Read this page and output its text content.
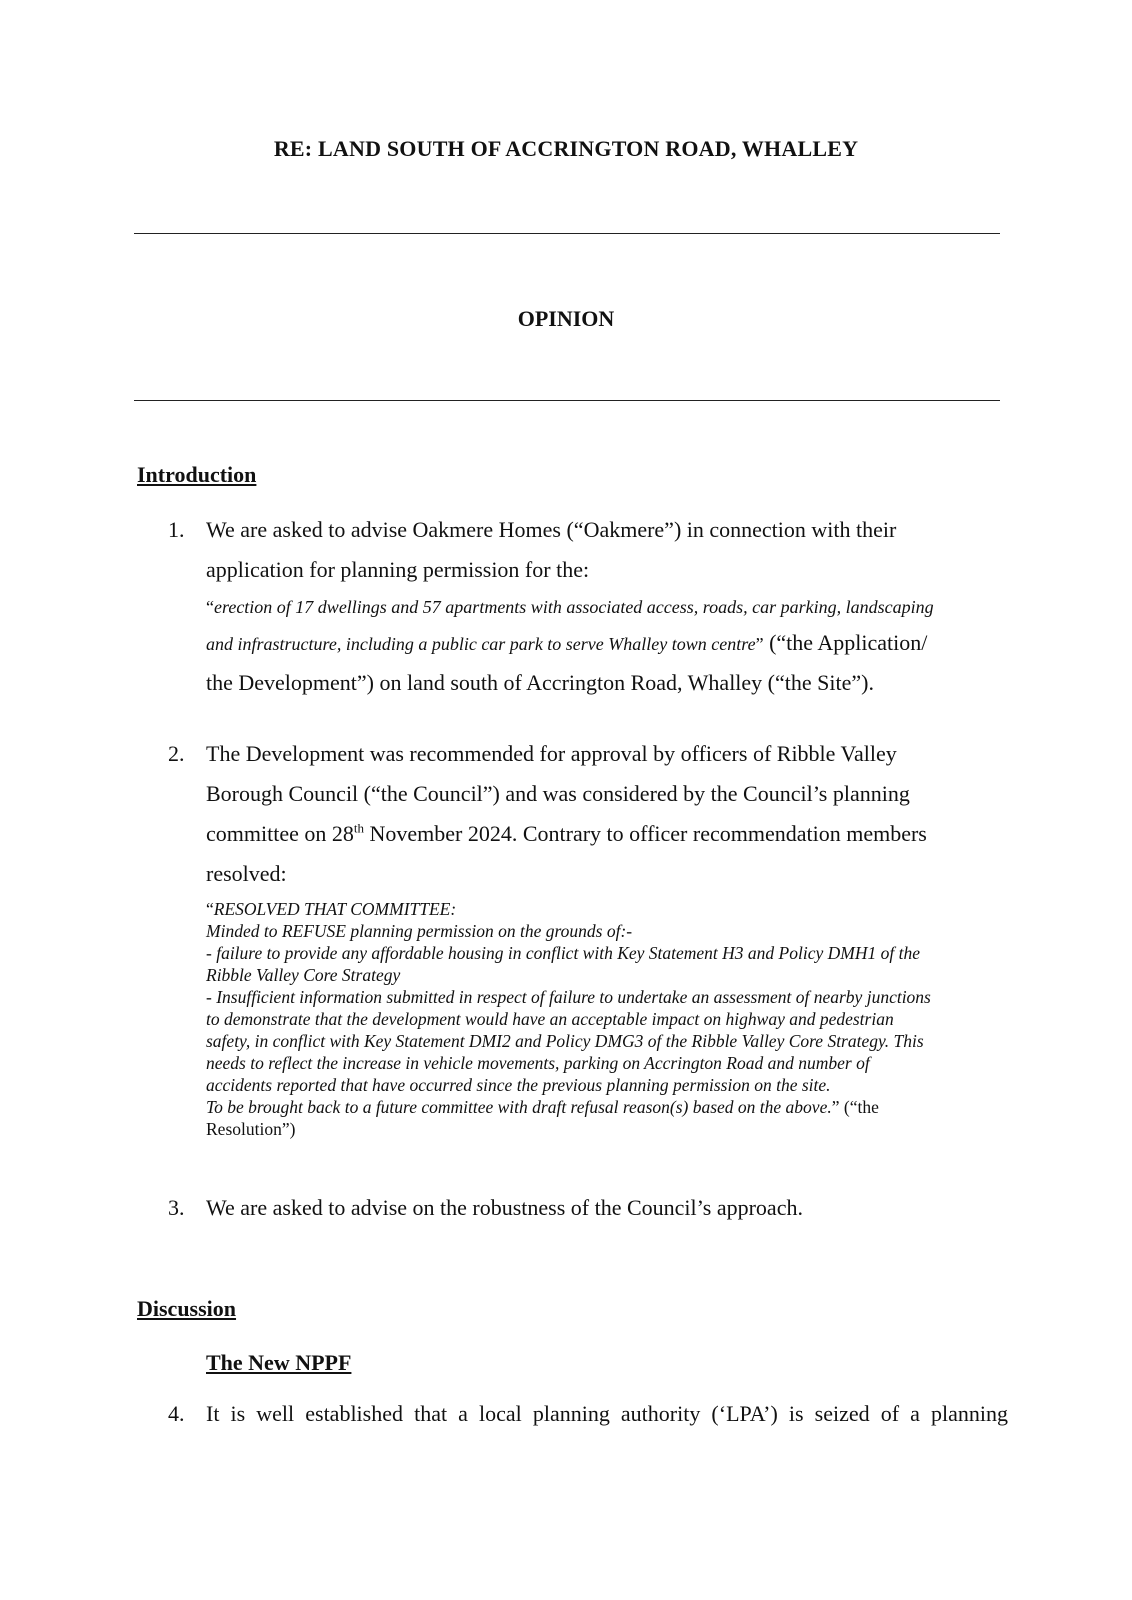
RE: LAND SOUTH OF ACCRINGTON ROAD, WHALLEY
OPINION
Introduction
1. We are asked to advise Oakmere Homes (“Oakmere”) in connection with their
application for planning permission for the:
“erection of 17 dwellings and 57 apartments with associated access, roads, car parking, landscaping
and infrastructure, including a public car park to serve Whalley town centre” (“the Application/
the Development”) on land south of Accrington Road, Whalley (“the Site”).
2. The Development was recommended for approval by officers of Ribble Valley
Borough Council (“the Council”) and was considered by the Council’s planning
committee on 28th November 2024. Contrary to officer recommendation members
resolved:
“RESOLVED THAT COMMITTEE:
Minded to REFUSE planning permission on the grounds of:-
- failure to provide any affordable housing in conflict with Key Statement H3 and Policy DMH1 of the
Ribble Valley Core Strategy
- Insufficient information submitted in respect of failure to undertake an assessment of nearby junctions
to demonstrate that the development would have an acceptable impact on highway and pedestrian
safety, in conflict with Key Statement DMI2 and Policy DMG3 of the Ribble Valley Core Strategy. This
needs to reflect the increase in vehicle movements, parking on Accrington Road and number of
accidents reported that have occurred since the previous planning permission on the site.
To be brought back to a future committee with draft refusal reason(s) based on the above.” (“the
Resolution”)
3. We are asked to advise on the robustness of the Council’s approach.
Discussion
The New NPPF
4. It is well established that a local planning authority (‘LPA’) is seized of a planning
